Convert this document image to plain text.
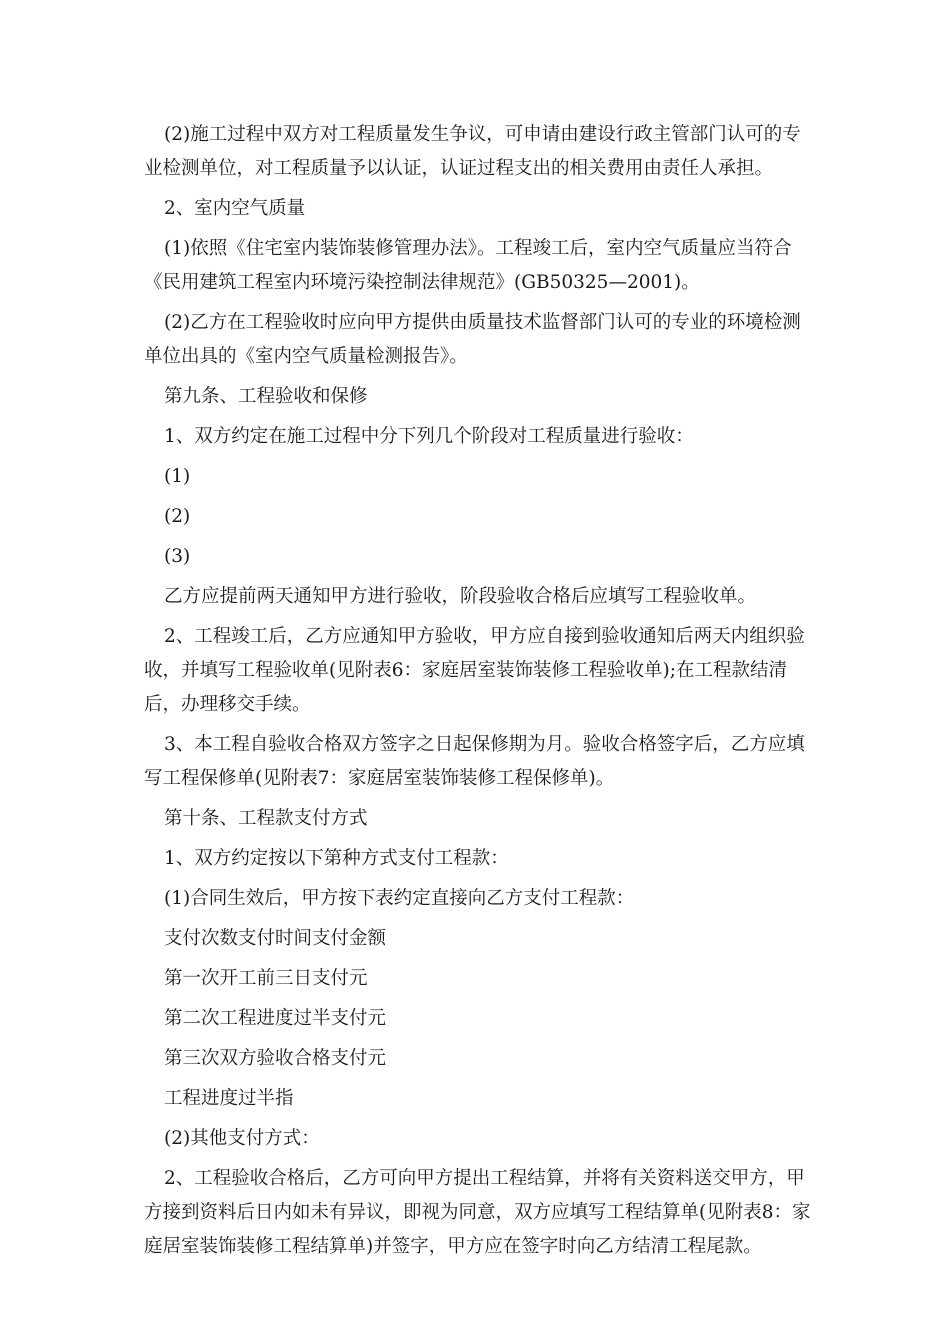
(2)施工过程中双方对工程质量发生争议，可申请由建设行政主管部门认可的专业检测单位，对工程质量予以认证，认证过程支出的相关费用由责任人承担。

2、室内空气质量

(1)依照《住宅室内装饰装修管理办法》。工程竣工后，室内空气质量应当符合《民用建筑工程室内环境污染控制法律规范》(GB50325—2001)。

(2)乙方在工程验收时应向甲方提供由质量技术监督部门认可的专业的环境检测单位出具的《室内空气质量检测报告》。

第九条、工程验收和保修

1、双方约定在施工过程中分下列几个阶段对工程质量进行验收：

(1)

(2)

(3)

乙方应提前两天通知甲方进行验收，阶段验收合格后应填写工程验收单。

2、工程竣工后，乙方应通知甲方验收，甲方应自接到验收通知后两天内组织验收，并填写工程验收单(见附表6：家庭居室装饰装修工程验收单);在工程款结清后，办理移交手续。

3、本工程自验收合格双方签字之日起保修期为月。验收合格签字后，乙方应填写工程保修单(见附表7：家庭居室装饰装修工程保修单)。

第十条、工程款支付方式

1、双方约定按以下第种方式支付工程款：

(1)合同生效后，甲方按下表约定直接向乙方支付工程款：

支付次数支付时间支付金额

第一次开工前三日支付元

第二次工程进度过半支付元

第三次双方验收合格支付元

工程进度过半指

(2)其他支付方式：

2、工程验收合格后，乙方可向甲方提出工程结算，并将有关资料送交甲方，甲方接到资料后日内如未有异议，即视为同意，双方应填写工程结算单(见附表8：家庭居室装饰装修工程结算单)并签字，甲方应在签字时向乙方结清工程尾款。
